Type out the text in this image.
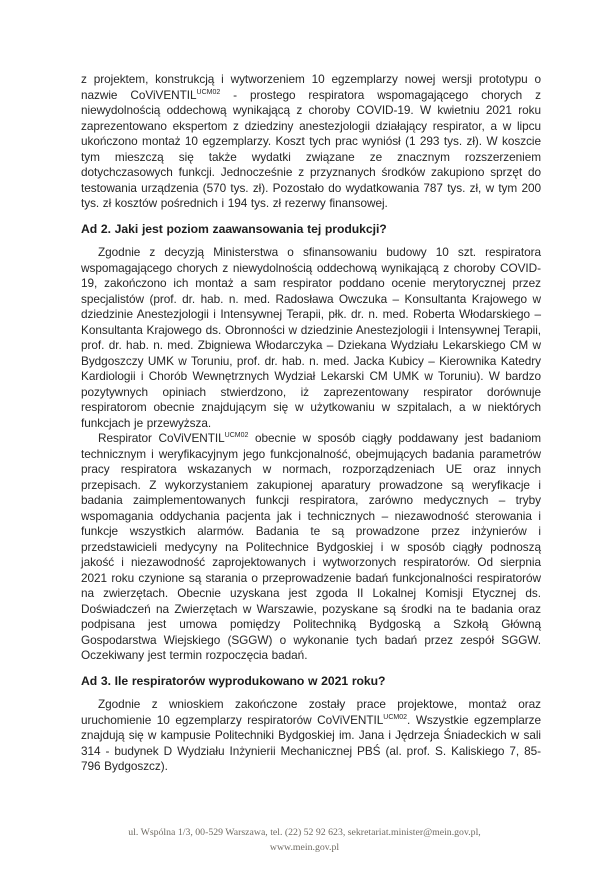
z projektem, konstrukcją i wytworzeniem 10 egzemplarzy nowej wersji prototypu o nazwie CoViVENTIL$^{UCM02}$ - prostego respiratora wspomagającego chorych z niewydolnością oddechową wynikającą z choroby COVID-19. W kwietniu 2021 roku zaprezentowano ekspertom z dziedziny anestezjologii działający respirator, a w lipcu ukończono montaż 10 egzemplarzy. Koszt tych prac wyniósł (1 293 tys. zł). W koszcie tym mieszczą się także wydatki związane ze znacznym rozszerzeniem dotychczasowych funkcji. Jednocześnie z przyznanych środków zakupiono sprzęt do testowania urządzenia (570 tys. zł). Pozostało do wydatkowania 787 tys. zł, w tym 200 tys. zł kosztów pośrednich i 194 tys. zł rezerwy finansowej.

Ad 2. Jaki jest poziom zaawansowania tej produkcji?

Zgodnie z decyzją Ministerstwa o sfinansowaniu budowy 10 szt. respiratora wspomagającego chorych z niewydolnością oddechową wynikającą z choroby COVID-19, zakończono ich montaż a sam respirator poddano ocenie merytorycznej przez specjalistów (prof. dr. hab. n. med. Radosława Owczuka – Konsultanta Krajowego w dziedzinie Anestezjologii i Intensywnej Terapii, płk. dr. n. med. Roberta Włodarskiego – Konsultanta Krajowego ds. Obronności w dziedzinie Anestezjologii i Intensywnej Terapii, prof. dr. hab. n. med. Zbigniewa Włodarczyka – Dziekana Wydziału Lekarskiego CM w Bydgoszczy UMK w Toruniu, prof. dr. hab. n. med. Jacka Kubicy – Kierownika Katedry Kardiologii i Chorób Wewnętrznych Wydział Lekarski CM UMK w Toruniu). W bardzo pozytywnych opiniach stwierdzono, iż zaprezentowany respirator dorównuje respiratorom obecnie znajdującym się w użytkowaniu w szpitalach, a w niektórych funkcjach je przewyższa.

Respirator CoViVENTIL$^{UCM02}$ obecnie w sposób ciągły poddawany jest badaniom technicznym i weryfikacyjnym jego funkcjonalność, obejmujących badania parametrów pracy respiratora wskazanych w normach, rozporządzeniach UE oraz innych przepisach. Z wykorzystaniem zakupionej aparatury prowadzone są weryfikacje i badania zaimplementowanych funkcji respiratora, zarówno medycznych – tryby wspomagania oddychania pacjenta jak i technicznych – niezawodność sterowania i funkcje wszystkich alarmów. Badania te są prowadzone przez inżynierów i przedstawicieli medycyny na Politechnice Bydgoskiej i w sposób ciągły podnoszą jakość i niezawodność zaprojektowanych i wytworzonych respiratorów. Od sierpnia 2021 roku czynione są starania o przeprowadzenie badań funkcjonalności respiratorów na zwierzętach. Obecnie uzyskana jest zgoda II Lokalnej Komisji Etycznej ds. Doświadczeń na Zwierzętach w Warszawie, pozyskane są środki na te badania oraz podpisana jest umowa pomiędzy Politechniką Bydgoską a Szkołą Główną Gospodarstwa Wiejskiego (SGGW) o wykonanie tych badań przez zespół SGGW. Oczekiwany jest termin rozpoczęcia badań.

Ad 3. Ile respiratorów wyprodukowano w 2021 roku?

Zgodnie z wnioskiem zakończone zostały prace projektowe, montaż oraz uruchomienie 10 egzemplarzy respiratorów CoViVENTIL$^{UCM02}$. Wszystkie egzemplarze znajdują się w kampusie Politechniki Bydgoskiej im. Jana i Jędrzeja Śniadeckich w sali 314 - budynek D Wydziału Inżynierii Mechanicznej PBŚ (al. prof. S. Kaliskiego 7, 85-796 Bydgoszcz).

ul. Wspólna 1/3, 00-529 Warszawa, tel. (22) 52 92 623, sekretariat.minister@mein.gov.pl,
www.mein.gov.pl
